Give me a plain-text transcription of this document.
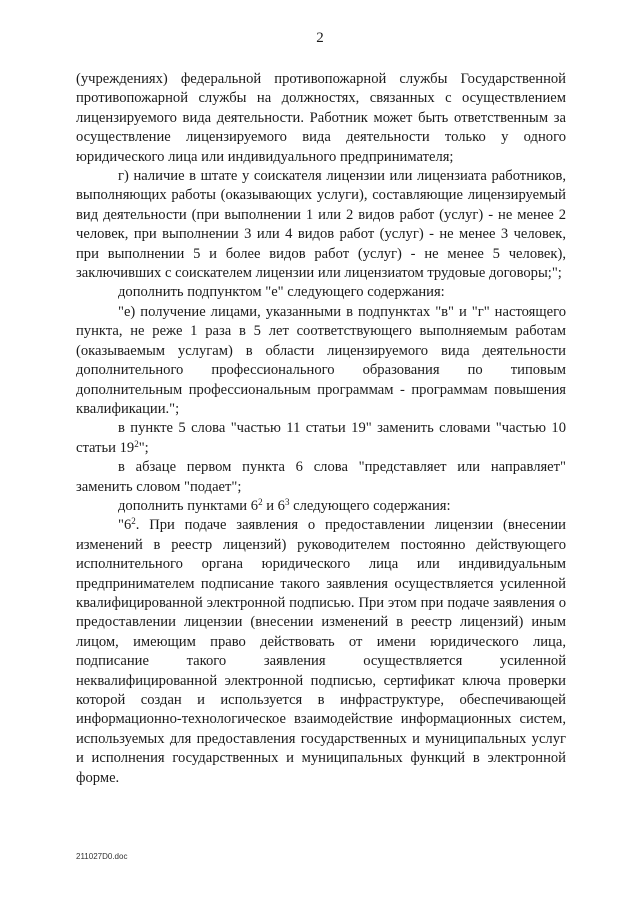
2

(учреждениях) федеральной противопожарной службы Государственной противопожарной службы на должностях, связанных с осуществлением лицензируемого вида деятельности. Работник может быть ответственным за осуществление лицензируемого вида деятельности только у одного юридического лица или индивидуального предпринимателя;

г) наличие в штате у соискателя лицензии или лицензиата работников, выполняющих работы (оказывающих услуги), составляющие лицензируемый вид деятельности (при выполнении 1 или 2 видов работ (услуг) - не менее 2 человек, при выполнении 3 или 4 видов работ (услуг) - не менее 3 человек, при выполнении 5 и более видов работ (услуг) - не менее 5 человек), заключивших с соискателем лицензии или лицензиатом трудовые договоры;";

дополнить подпунктом "е" следующего содержания:

"е) получение лицами, указанными в подпунктах "в" и "г" настоящего пункта, не реже 1 раза в 5 лет соответствующего выполняемым работам (оказываемым услугам) в области лицензируемого вида деятельности дополнительного профессионального образования по типовым дополнительным профессиональным программам - программам повышения квалификации.";

в пункте 5 слова "частью 11 статьи 19" заменить словами "частью 10 статьи $19^2$";

в абзаце первом пункта 6 слова "представляет или направляет" заменить словом "подает";

дополнить пунктами $6^2$ и $6^3$ следующего содержания:

"$6^2$. При подаче заявления о предоставлении лицензии (внесении изменений в реестр лицензий) руководителем постоянно действующего исполнительного органа юридического лица или индивидуальным предпринимателем подписание такого заявления осуществляется усиленной квалифицированной электронной подписью. При этом при подаче заявления о предоставлении лицензии (внесении изменений в реестр лицензий) иным лицом, имеющим право действовать от имени юридического лица, подписание такого заявления осуществляется усиленной неквалифицированной электронной подписью, сертификат ключа проверки которой создан и используется в инфраструктуре, обеспечивающей информационно-технологическое взаимодействие информационных систем, используемых для предоставления государственных и муниципальных услуг и исполнения государственных и муниципальных функций в электронной форме.

211027D0.doc
